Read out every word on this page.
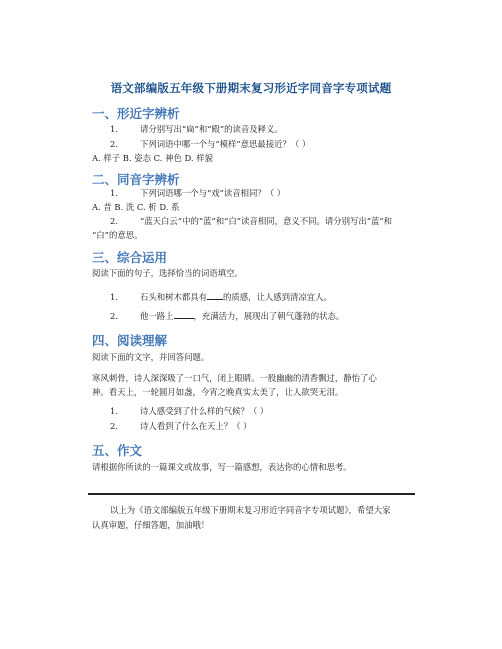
语文部编版五年级下册期末复习形近字同音字专项试题
一、形近字辨析
1.	请分别写出“扁”和“殿”的读音及释义。
2.	下列词语中哪一个与“模样”意思最接近？（ ）
A. 样子 B. 姿态 C. 神色 D. 样貌
二、同音字辨析
1.	下列词语哪一个与“戏”读音相同？（ ）
A. 昔 B. 洗 C. 析 D. 系
2.	“蓝天白云”中的“蓝”和“白”读音相同，意义不同。请分别写出“蓝”和
“白”的意思。
三、综合运用
阅读下面的句子，选择恰当的词语填空。
1.	石头和树木都具有 的质感，让人感到清凉宜人。
2.	他一路上 ，充满活力，展现出了朝气蓬勃的状态。
四、阅读理解
阅读下面的文字，并回答问题。
寒风刺骨，诗人深深吸了一口气，闭上眼睛。一股幽幽的清香飘过，静怡了心
神。看天上，一轮圆月如盏，今宵之晚真实太美了，让人欲哭无泪。
1.	诗人感受到了什么样的气候？（ ）
2.	诗人看到了什么在天上？（ ）
五、作文
请根据你所读的一篇课文或故事，写一篇感想，表达你的心情和思考。
以上为《语文部编版五年级下册期末复习形近字同音字专项试题》，希望大家
认真审题，仔细答题，加油哦！
